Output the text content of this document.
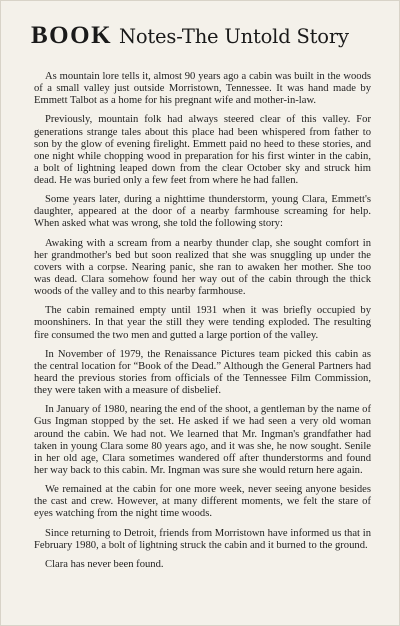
BOOK Notes-The Untold Story

As mountain lore tells it, almost 90 years ago a cabin was built in the woods of a small valley just outside Morristown, Tennessee. It was hand made by Emmett Talbot as a home for his pregnant wife and mother-in-law.

Previously, mountain folk had always steered clear of this valley. For generations strange tales about this place had been whispered from father to son by the glow of evening firelight. Emmett paid no heed to these stories, and one night while chopping wood in preparation for his first winter in the cabin, a bolt of lightning leaped down from the clear October sky and struck him dead. He was buried only a few feet from where he had fallen.

Some years later, during a nighttime thunderstorm, young Clara, Emmett's daughter, appeared at the door of a nearby farmhouse screaming for help. When asked what was wrong, she told the following story:

Awaking with a scream from a nearby thunder clap, she sought comfort in her grandmother's bed but soon realized that she was snuggling up under the covers with a corpse. Nearing panic, she ran to awaken her mother. She too was dead. Clara somehow found her way out of the cabin through the thick woods of the valley and to this nearby farmhouse.

The cabin remained empty until 1931 when it was briefly occupied by moonshiners. In that year the still they were tending exploded. The resulting fire consumed the two men and gutted a large portion of the valley.

In November of 1979, the Renaissance Pictures team picked this cabin as the central location for “Book of the Dead.” Although the General Partners had heard the previous stories from officials of the Tennessee Film Commission, they were taken with a measure of disbelief.

In January of 1980, nearing the end of the shoot, a gentleman by the name of Gus Ingman stopped by the set. He asked if we had seen a very old woman around the cabin. We had not. We learned that Mr. Ingman's grandfather had taken in young Clara some 80 years ago, and it was she, he now sought. Senile in her old age, Clara sometimes wandered off after thunderstorms and found her way back to this cabin. Mr. Ingman was sure she would return here again.

We remained at the cabin for one more week, never seeing anyone besides the cast and crew. However, at many different moments, we felt the stare of eyes watching from the night time woods.

Since returning to Detroit, friends from Morristown have informed us that in February 1980, a bolt of lightning struck the cabin and it burned to the ground.

Clara has never been found.
